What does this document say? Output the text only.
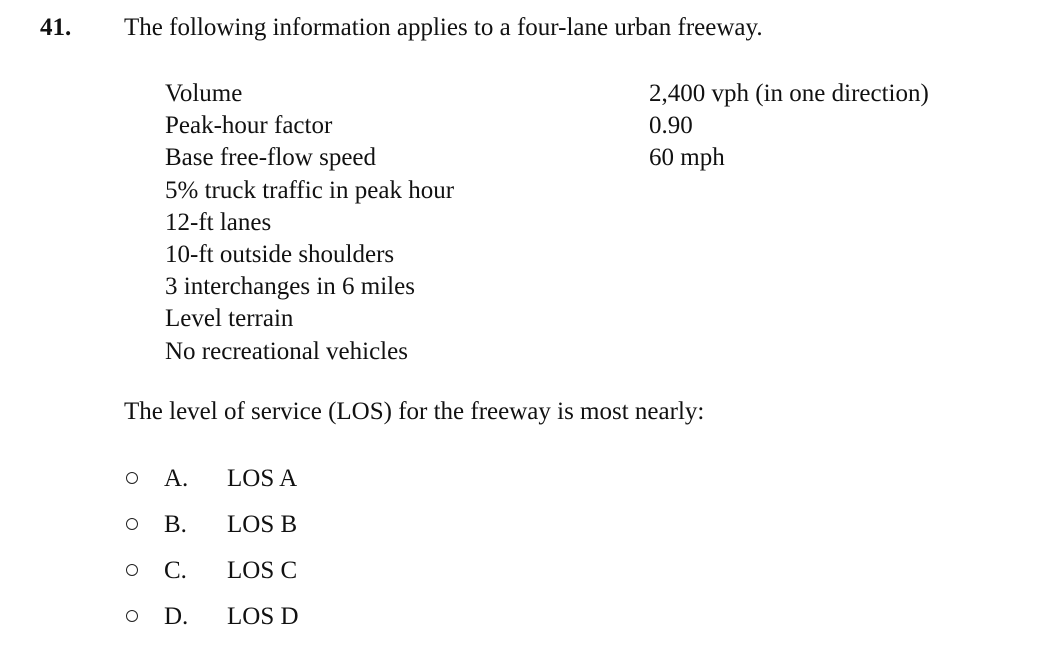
41. The following information applies to a four-lane urban freeway.
Volume	2,400 vph (in one direction)
Peak-hour factor	0.90
Base free-flow speed	60 mph
5% truck traffic in peak hour
12-ft lanes
10-ft outside shoulders
3 interchanges in 6 miles
Level terrain
No recreational vehicles
The level of service (LOS) for the freeway is most nearly:
A. LOS A
B. LOS B
C. LOS C
D. LOS D
